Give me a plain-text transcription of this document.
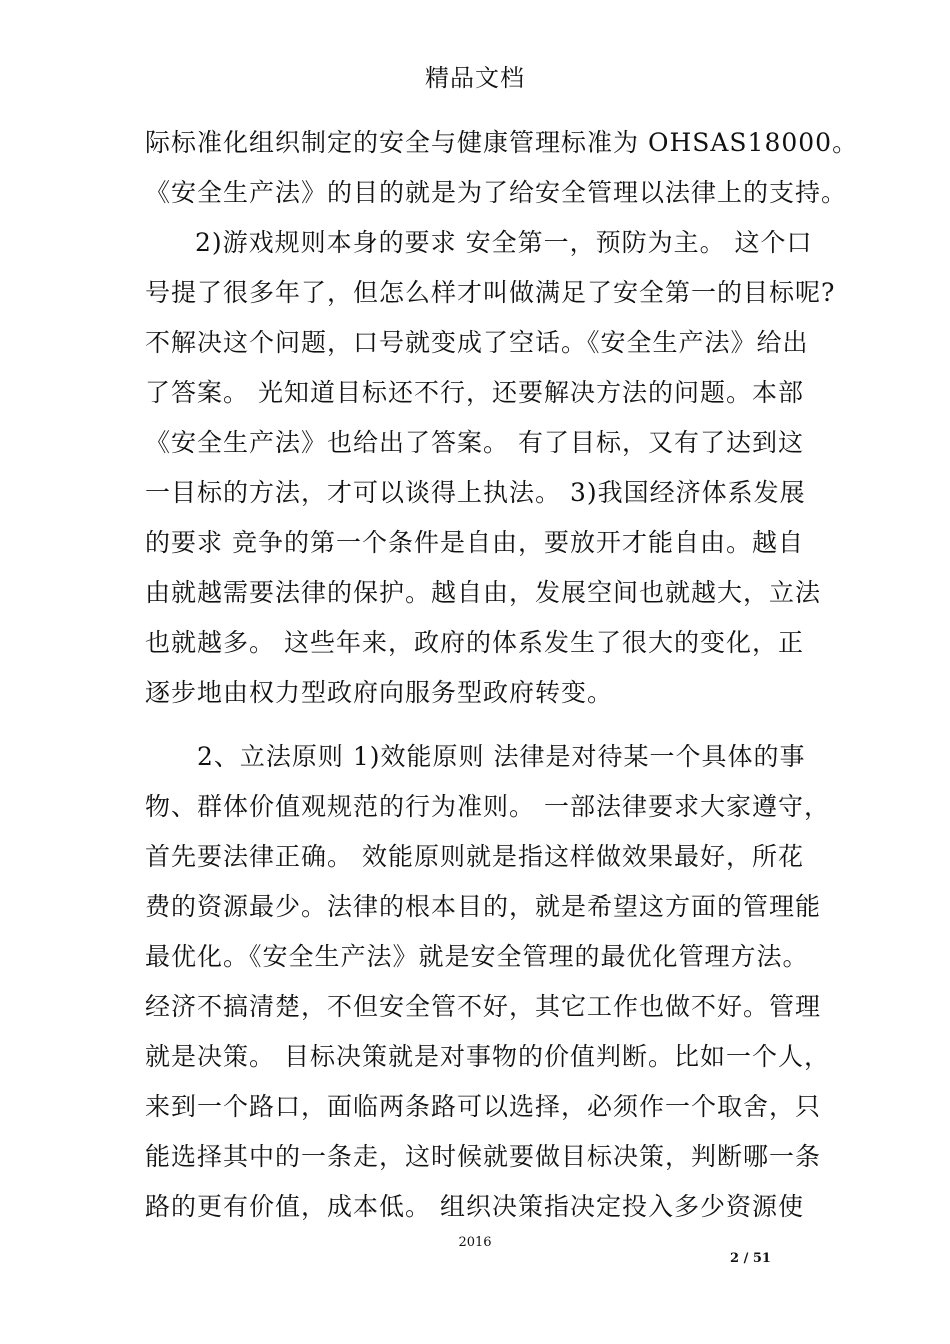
精品文档
际标准化组织制定的安全与健康管理标准为 OHSAS18000。
《安全生产法》的目的就是为了给安全管理以法律上的支持。
2)游戏规则本身的要求 安全第一，预防为主。 这个口
号提了很多年了，但怎么样才叫做满足了安全第一的目标呢?
不解决这个问题，口号就变成了空话。《安全生产法》给出
了答案。 光知道目标还不行，还要解决方法的问题。本部
《安全生产法》也给出了答案。 有了目标，又有了达到这
一目标的方法，才可以谈得上执法。 3)我国经济体系发展
的要求 竞争的第一个条件是自由，要放开才能自由。越自
由就越需要法律的保护。越自由，发展空间也就越大，立法
也就越多。 这些年来，政府的体系发生了很大的变化，正
逐步地由权力型政府向服务型政府转变。
2、立法原则 1)效能原则 法律是对待某一个具体的事
物、群体价值观规范的行为准则。 一部法律要求大家遵守，
首先要法律正确。 效能原则就是指这样做效果最好，所花
费的资源最少。法律的根本目的，就是希望这方面的管理能
最优化。《安全生产法》就是安全管理的最优化管理方法。
经济不搞清楚，不但安全管不好，其它工作也做不好。管理
就是决策。 目标决策就是对事物的价值判断。比如一个人，
来到一个路口，面临两条路可以选择，必须作一个取舍，只
能选择其中的一条走，这时候就要做目标决策，判断哪一条
路的更有价值，成本低。 组织决策指决定投入多少资源使
2016
2 / 51
